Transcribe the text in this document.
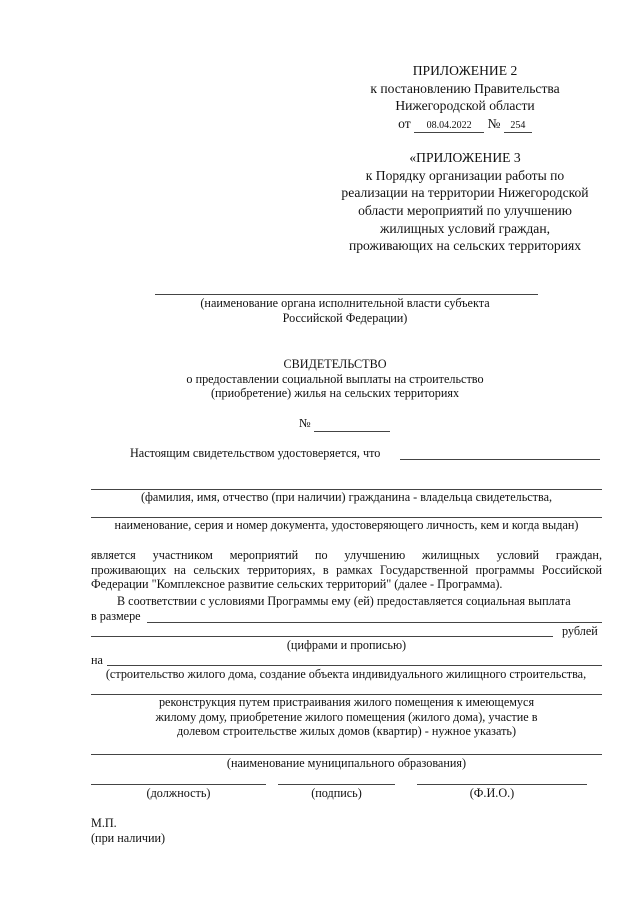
ПРИЛОЖЕНИЕ 2
к постановлению Правительства
Нижегородской области
от 08.04.2022 № 254
«ПРИЛОЖЕНИЕ 3
к Порядку организации работы по
реализации на территории Нижегородской
области мероприятий по улучшению
жилищных условий граждан,
проживающих на сельских территориях
(наименование органа исполнительной власти субъекта
Российской Федерации)
СВИДЕТЕЛЬСТВО
о предоставлении социальной выплаты на строительство
(приобретение) жилья на сельских территориях
№
Настоящим свидетельством удостоверяется, что
(фамилия, имя, отчество (при наличии) гражданина - владельца свидетельства,
наименование, серия и номер документа, удостоверяющего личность, кем и когда выдан)
является участником мероприятий по улучшению жилищных условий граждан,
проживающих на сельских территориях, в рамках Государственной программы Российской
Федерации "Комплексное развитие сельских территорий" (далее - Программа).
В соответствии с условиями Программы ему (ей) предоставляется социальная выплата
в размере
рублей
(цифрами и прописью)
на
(строительство жилого дома, создание объекта индивидуального жилищного строительства,
реконструкция путем пристраивания жилого помещения к имеющемуся
жилому дому, приобретение жилого помещения (жилого дома), участие в
долевом строительстве жилых домов (квартир) - нужное указать)
(наименование муниципального образования)
(должность)	(подпись)	(Ф.И.О.)
М.П.
(при наличии)
